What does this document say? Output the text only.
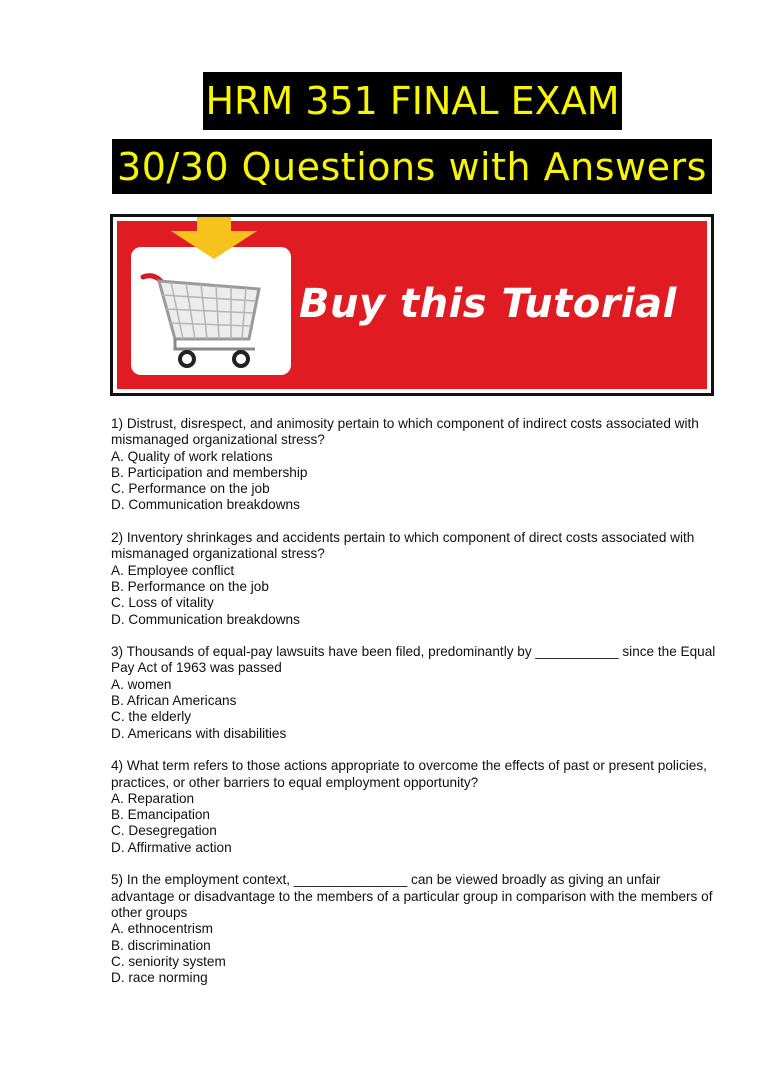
HRM 351 FINAL EXAM
30/30 Questions with Answers
Buy this Tutorial
1) Distrust, disrespect, and animosity pertain to which component of indirect costs associated with mismanaged organizational stress?
A. Quality of work relations
B. Participation and membership
C. Performance on the job
D. Communication breakdowns
2) Inventory shrinkages and accidents pertain to which component of direct costs associated with mismanaged organizational stress?
A. Employee conflict
B. Performance on the job
C. Loss of vitality
D. Communication breakdowns
3) Thousands of equal-pay lawsuits have been filed, predominantly by ___________ since the Equal Pay Act of 1963 was passed
A. women
B. African Americans
C. the elderly
D. Americans with disabilities
4) What term refers to those actions appropriate to overcome the effects of past or present policies, practices, or other barriers to equal employment opportunity?
A. Reparation
B. Emancipation
C. Desegregation
D. Affirmative action
5) In the employment context, _______________ can be viewed broadly as giving an unfair advantage or disadvantage to the members of a particular group in comparison with the members of other groups
A. ethnocentrism
B. discrimination
C. seniority system
D. race norming
